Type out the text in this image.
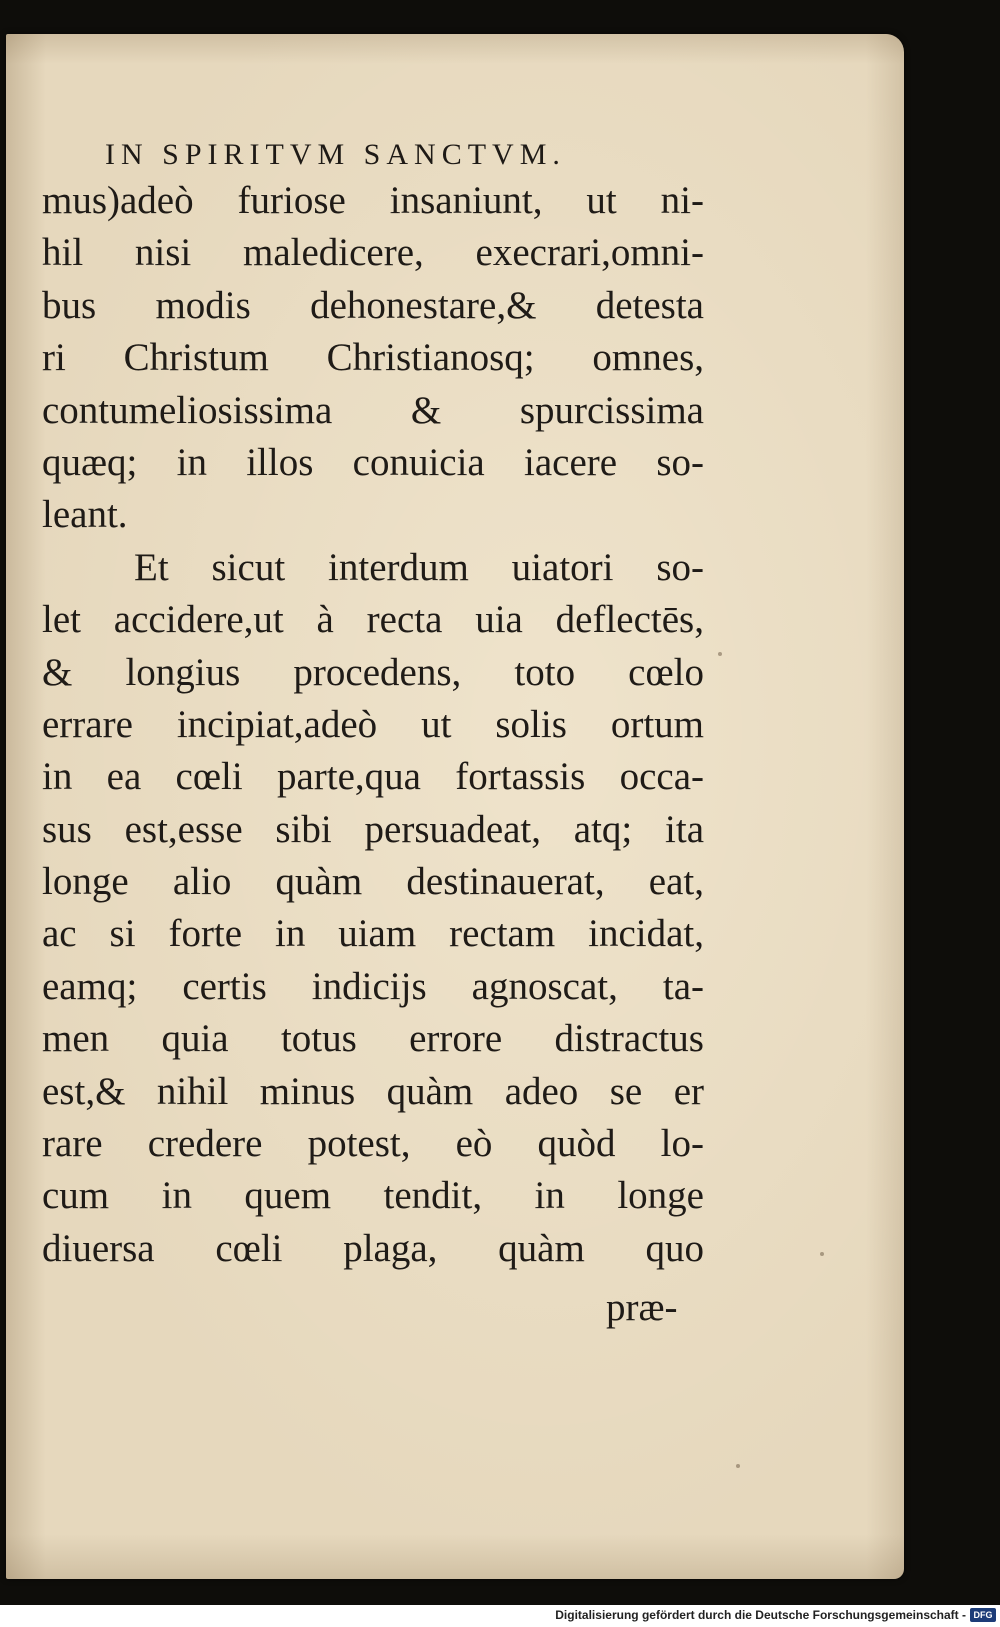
IN SPIRITVM SANCTVM.
mus)adeò furiose insaniunt, ut ni-
hil nisi maledicere, execrari,omni-
bus modis dehonestare,& detesta
ri Christum Christianosq; omnes,
contumeliosissima & spurcissima
quæq; in illos conuicia iacere so-
leant.
Et sicut interdum uiatori so-
let accidere,ut à recta uia deflectēs,
& longius procedens, toto cœlo
errare incipiat,adeò ut solis ortum
in ea cœli parte,qua fortassis occa-
sus est,esse sibi persuadeat, atq; ita
longe alio quàm destinauerat, eat,
ac si forte in uiam rectam incidat,
eamq; certis indicijs agnoscat, ta-
men quia totus errore distractus
est,& nihil minus quàm adeo se er
rare credere potest, eò quòd lo-
cum in quem tendit, in longe
diuersa cœli plaga, quàm quo
præ-
Digitalisierung gefördert durch die Deutsche Forschungsgemeinschaft - DFG
